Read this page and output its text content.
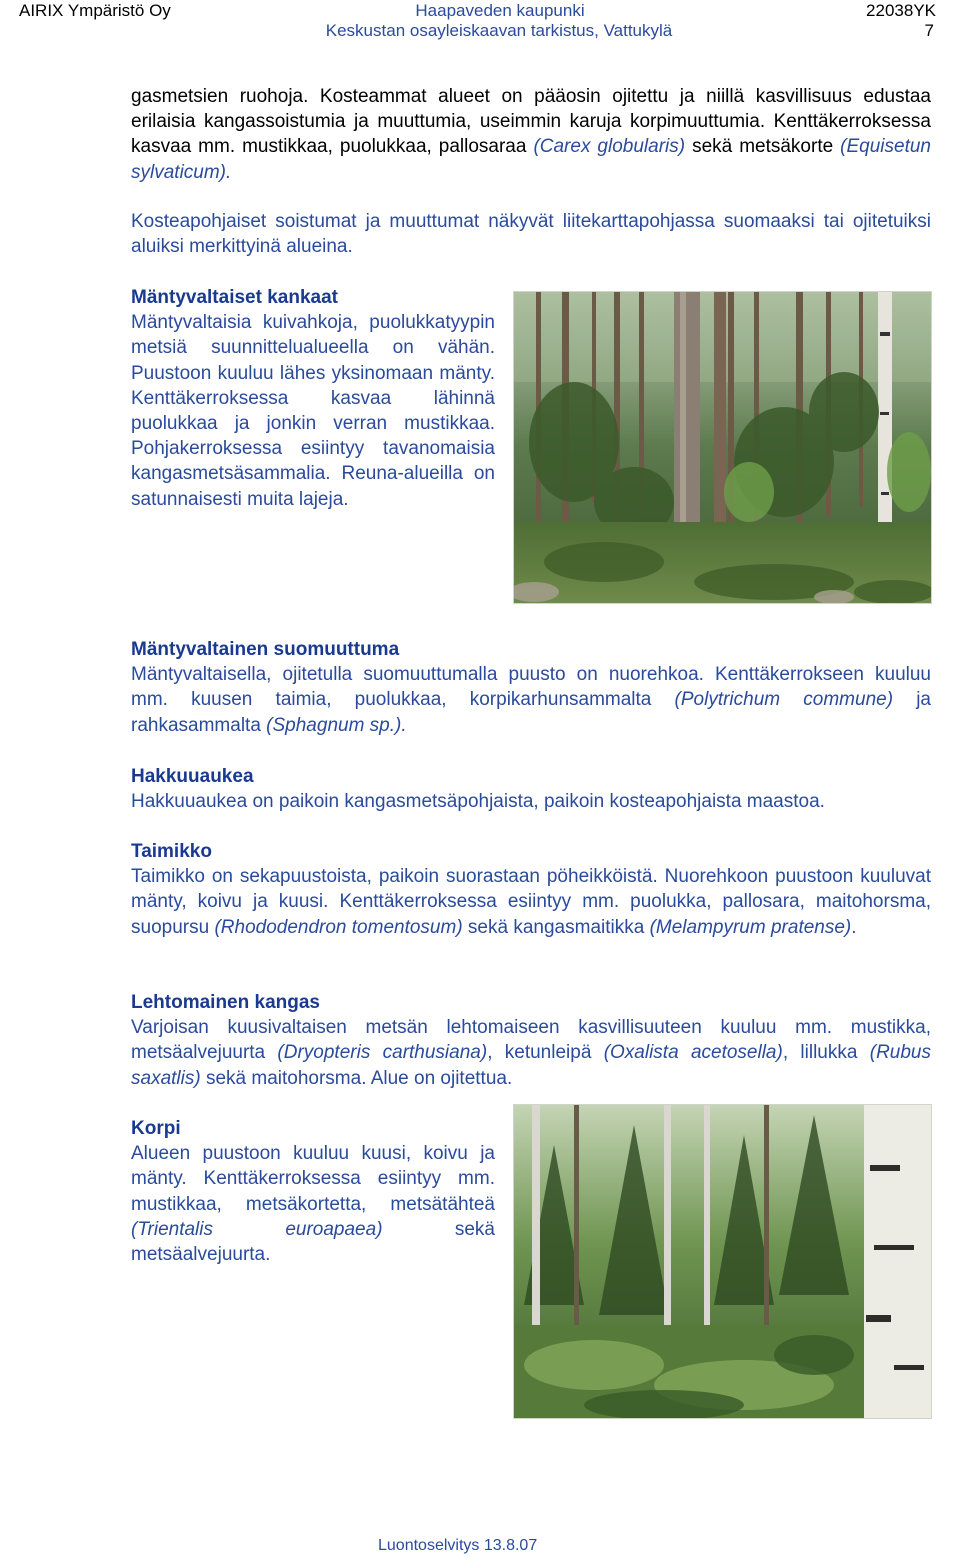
AIRIX Ympäristö Oy	Haapaveden kaupunki
Keskustan osayleiskaavan tarkistus, Vattukylä
22038YK
7
gasmetsien ruohoja. Kosteammat alueet on pääosin ojitettu ja niillä kasvillisuus edustaa erilaisia kangassoistumia ja muuttumia, useimmin karuja korpimuuttumia. Kenttäkerroksessa kasvaa mm. mustikkaa, puolukkaa, pallosaraa (Carex globularis) sekä metsäkorte (Equisetun sylvaticum).
Kosteapohjaiset soistumat ja muuttumat näkyvät liitekarttapohjassa suomaaksi tai ojitetuiksi aluiksi merkittyinä alueina.
Mäntyvaltaiset kankaat

Mäntyvaltaisia kuivahkoja, puolukkatyypin metsiä suunnittelualueella on vähän. Puustoon kuuluu lähes yksinomaan mänty. Kenttäkerroksessa kasvaa lähinnä puolukkaa ja jonkin verran mustikkaa. Pohjakerroksessa esiintyy tavanomaisia kangasmetsäsammalia. Reuna-alueilla on satunnaisesti muita lajeja.

Mäntyvaltainen suomuuttuma

Mäntyvaltaisella, ojitetulla suomuuttumalla puusto on nuorehkoa. Kenttäkerrokseen kuuluu mm. kuusen taimia, puolukkaa, korpikarhunsammalta (Polytrichum commune) ja rahkasammalta (Sphagnum sp.).

Hakkuuaukea

Hakkuuaukea on paikoin kangasmetsäpohjaista, paikoin kosteapohjaista maastoa.

Taimikko

Taimikko on sekapuustoista, paikoin suorastaan pöheikköistä. Nuorehkoon puustoon kuuluvat mänty, koivu ja kuusi. Kenttäkerroksessa esiintyy mm. puolukka, pallosara, maitohorsma, suopursu (Rhododendron tomentosum) sekä kangasmaitikka (Melampyrum pratense).

Lehtomainen kangas

Varjoisan kuusivaltaisen metsän lehtomaiseen kasvillisuuteen kuuluu mm. mustikka, metsäalvejuurta (Dryopteris carthusiana), ketunleipä (Oxalista acetosella), lillukka (Rubus saxatlis) sekä maitohorsma. Alue on ojitettua.

Korpi

Alueen puustoon kuuluu kuusi, koivu ja mänty. Kenttäkerroksessa esiintyy mm. mustikkaa, metsäkortetta, metsätähteä (Trientalis euroapaea) sekä metsäalvejuurta.

Luontoselvitys 13.8.07
